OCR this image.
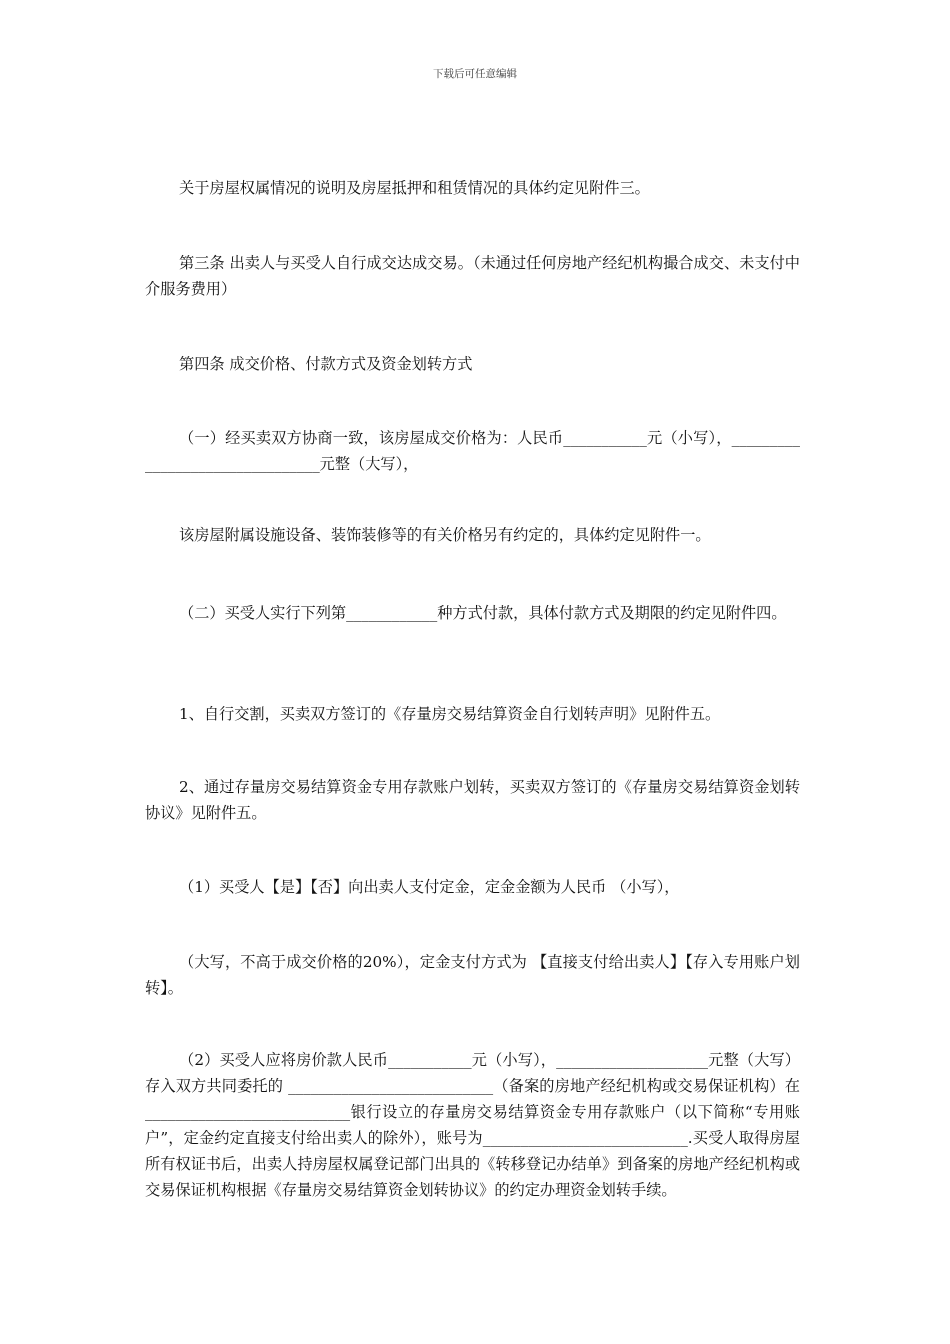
下载后可任意编辑
关于房屋权属情况的说明及房屋抵押和租赁情况的具体约定见附件三。
第三条 出卖人与买受人自行成交达成交易。（未通过任何房地产经纪机构撮合成交、未支付中介服务费用）
第四条 成交价格、付款方式及资金划转方式
（一）经买卖双方协商一致，该房屋成交价格为：人民币___________元（小写），________________________________元整（大写），
该房屋附属设施设备、装饰装修等的有关价格另有约定的，具体约定见附件一。
（二）买受人实行下列第____________种方式付款，具体付款方式及期限的约定见附件四。
1、自行交割，买卖双方签订的《存量房交易结算资金自行划转声明》见附件五。
2、通过存量房交易结算资金专用存款账户划转，买卖双方签订的《存量房交易结算资金划转协议》见附件五。
（1）买受人【是】【否】向出卖人支付定金，定金金额为人民币 （小写），
（大写，不高于成交价格的20%），定金支付方式为 【直接支付给出卖人】【存入专用账户划转】。
（2）买受人应将房价款人民币___________元（小写），____________________元整（大写）存入双方共同委托的 ___________________________（备案的房地产经纪机构或交易保证机构）在 ___________________________银行设立的存量房交易结算资金专用存款账户（以下简称“专用账户”，定金约定直接支付给出卖人的除外），账号为___________________________.买受人取得房屋所有权证书后，出卖人持房屋权属登记部门出具的《转移登记办结单》到备案的房地产经纪机构或交易保证机构根据《存量房交易结算资金划转协议》的约定办理资金划转手续。
